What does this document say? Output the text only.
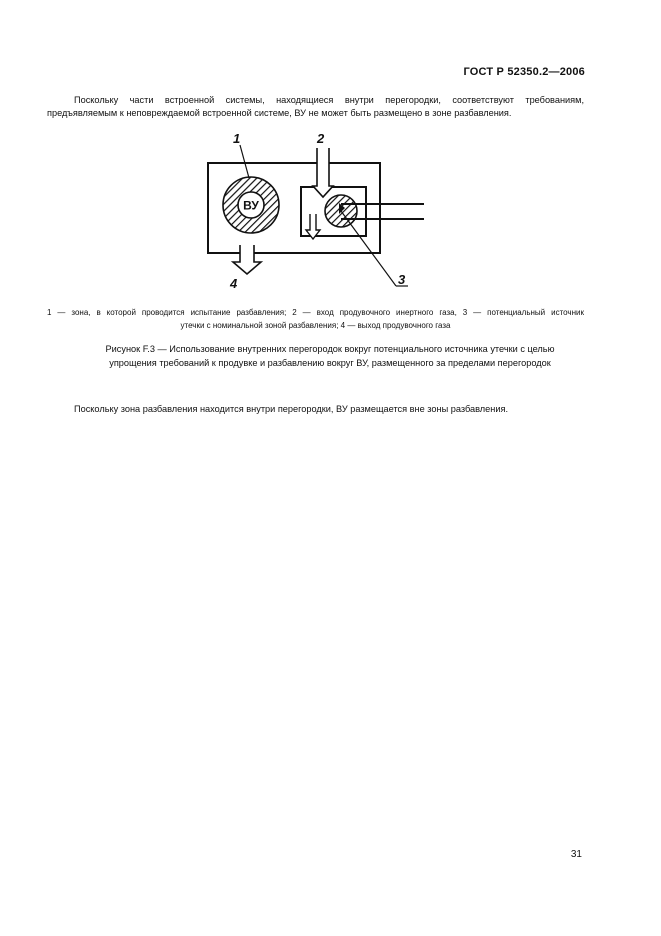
ГОСТ Р 52350.2—2006
Поскольку части встроенной системы, находящиеся внутри перегородки, соответствуют требованиям,
предъявляемым к неповреждаемой встроенной системе, ВУ не может быть размещено в зоне разбавления.
ВУ
1	2
3
4
1 — зона, в которой проводится испытание разбавления; 2 — вход продувочного инертного газа, 3 — потенциальный источник
утечки с номинальной зоной разбавления; 4 — выход продувочного газа
Рисунок F.3 — Использование внутренних перегородок вокруг потенциального источника утечки с целью
упрощения требований к продувке и разбавлению вокруг ВУ, размещенного за пределами перегородок
Поскольку зона разбавления находится внутри перегородки, ВУ размещается вне зоны разбавления.
31
